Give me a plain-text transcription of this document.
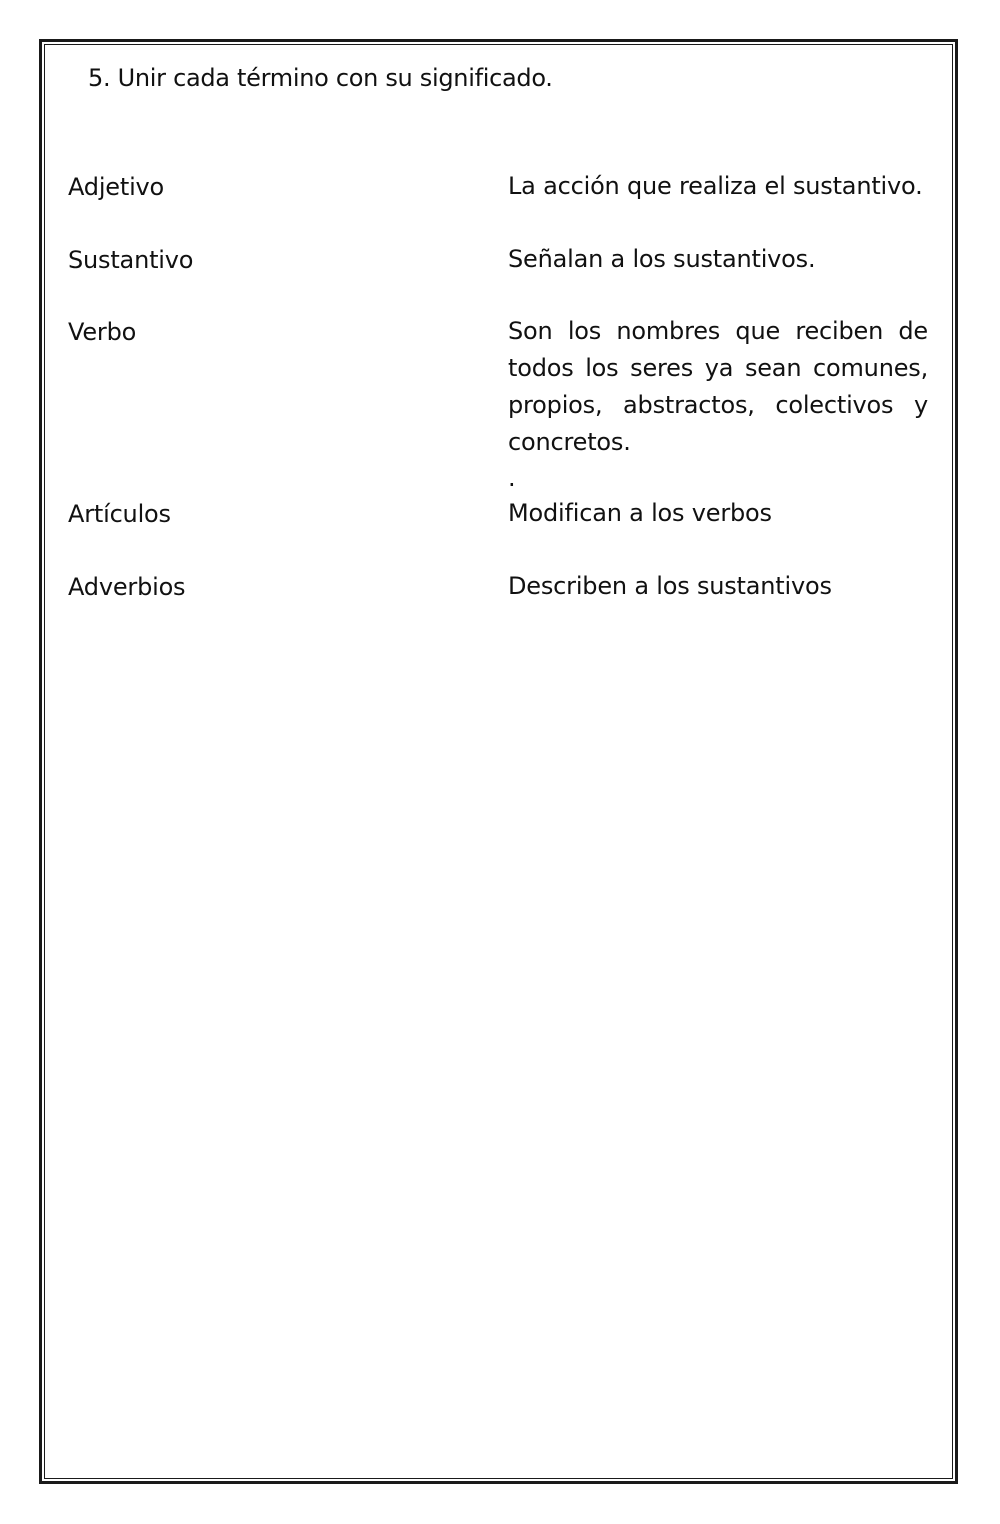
5. Unir cada término con su significado.
Adjetivo
Sustantivo
Verbo
Artículos
Adverbios
La acción que realiza el sustantivo.
Señalan a los sustantivos.
Son los nombres que reciben de todos los seres ya sean comunes, propios, abstractos, colectivos y concretos.
.
Modifican a los verbos
Describen a los sustantivos
